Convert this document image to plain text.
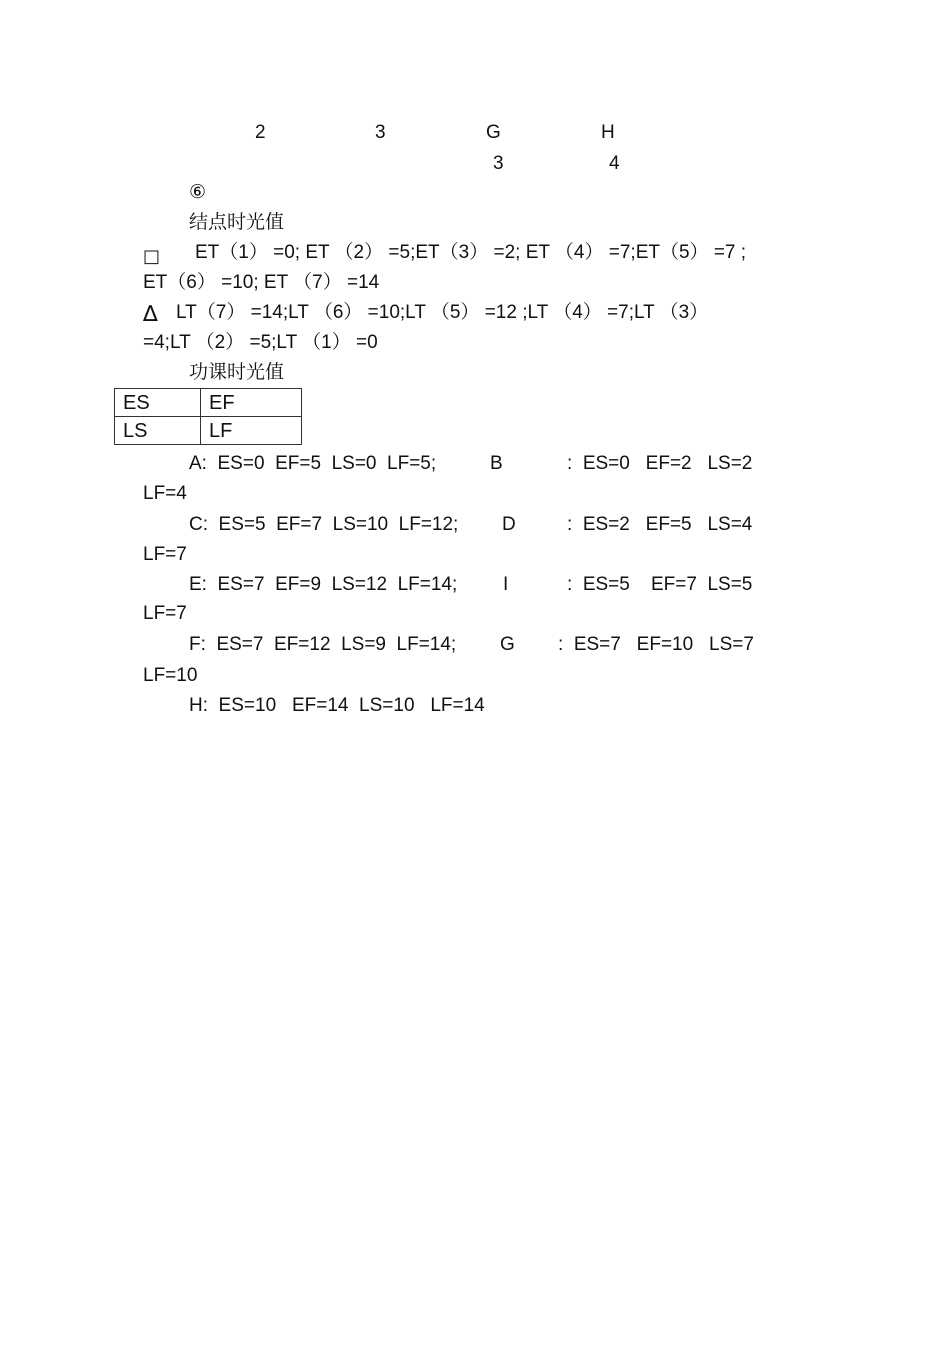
2	3	G	H
3	4
⑥
结点时光值
□ ET（1） =0; ET （2） =5;ET（3） =2; ET （4） =7;ET（5） =7 ;
ET（6） =10; ET （7） =14
∆ LT（7） =14;LT （6） =10;LT （5） =12 ;LT （4） =7;LT （3）
=4;LT （2） =5;LT （1） =0
功课时光值
ES	EF
LS	LF
A:  ES=0  EF=5  LS=0  LF=5;	B	:  ES=0   EF=2   LS=2
LF=4
C:  ES=5  EF=7  LS=10  LF=12; D	:  ES=2   EF=5   LS=4
LF=7
E:  ES=7  EF=9  LS=12  LF=14; I	:  ES=5    EF=7  LS=5
LF=7
F:  ES=7  EF=12  LS=9  LF=14; G :  ES=7   EF=10   LS=7
LF=10
H:  ES=10   EF=14  LS=10   LF=14
